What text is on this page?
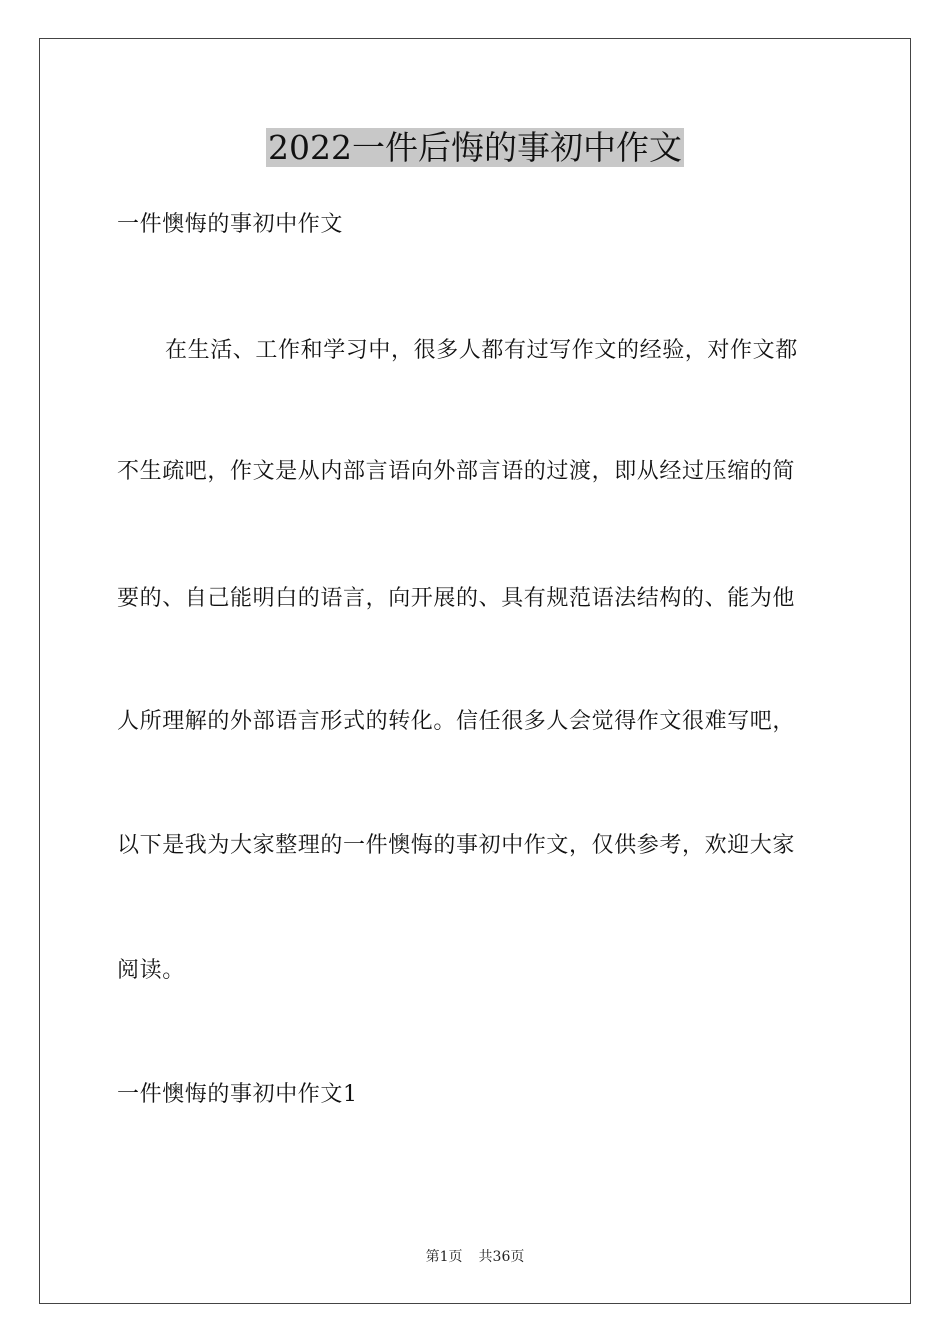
2022一件后悔的事初中作文

一件懊悔的事初中作文

在生活、工作和学习中，很多人都有过写作文的经验，对作文都

不生疏吧，作文是从内部言语向外部言语的过渡，即从经过压缩的简

要的、自己能明白的语言，向开展的、具有规范语法结构的、能为他

人所理解的外部语言形式的转化。信任很多人会觉得作文很难写吧，

以下是我为大家整理的一件懊悔的事初中作文，仅供参考，欢迎大家

阅读。

一件懊悔的事初中作文1

第1页 共36页
